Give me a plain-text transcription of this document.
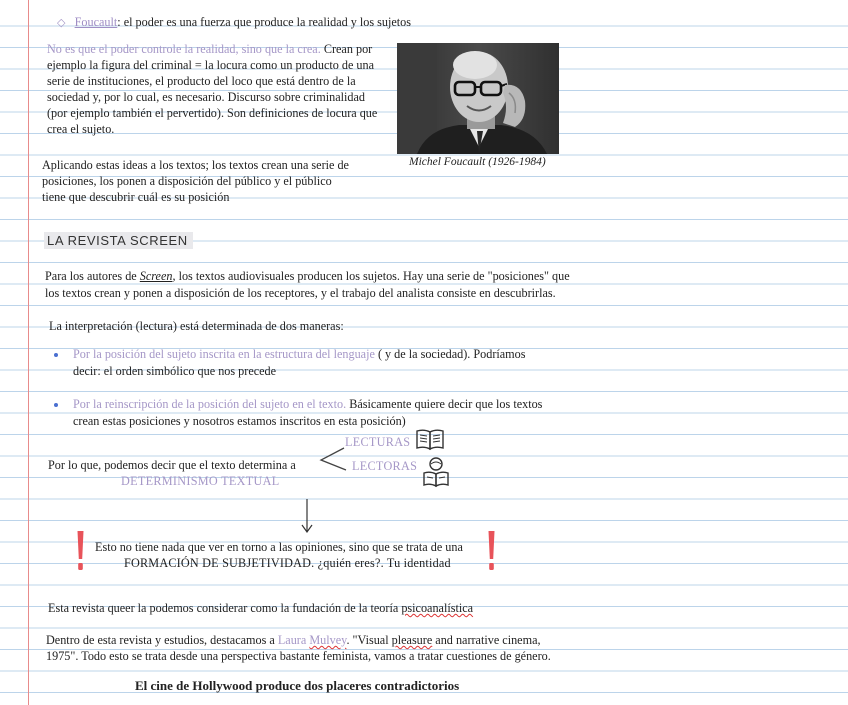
◇ Foucault: el poder es una fuerza que produce la realidad y los sujetos
No es que el poder controle la realidad, sino que la crea. Crean por ejemplo la figura del criminal = la locura como un producto de una serie de instituciones, el producto del loco que está dentro de la sociedad y, por lo cual, es necesario. Discurso sobre criminalidad (por ejemplo también el pervertido). Son definiciones de locura que crea el sujeto.
Aplicando estas ideas a los textos; los textos crean una serie de posiciones, los ponen a disposición del público y el público tiene que descubrir cuál es su posición
Michel Foucault (1926-1984)
LA REVISTA SCREEN
Para los autores de Screen, los textos audiovisuales producen los sujetos. Hay una serie de "posiciones" que
los textos crean y ponen a disposición de los receptores, y el trabajo del analista consiste en descubrirlas.
La interpretación (lectura) está determinada de dos maneras:
Por la posición del sujeto inscrita en la estructura del lenguaje ( y de la sociedad). Podríamos
decir: el orden simbólico que nos precede
Por la reinscripción de la posición del sujeto en el texto. Básicamente quiere decir que los textos
crean estas posiciones y nosotros estamos inscritos en esta posición)
Por lo que, podemos decir que el texto determina a
DETERMINISMO TEXTUAL
LECTURAS
LECTORAS
Esto no tiene nada que ver en torno a las opiniones, sino que se trata de una
FORMACIÓN DE SUBJETIVIDAD. ¿quién eres?. Tu identidad
Esta revista queer la podemos considerar como la fundación de la teoría psicoanalística
Dentro de esta revista y estudios, destacamos a Laura Mulvey. "Visual pleasure and narrative cinema,
1975". Todo esto se trata desde una perspectiva bastante feminista, vamos a tratar cuestiones de género.
El cine de Hollywood produce dos placeres contradictorios
